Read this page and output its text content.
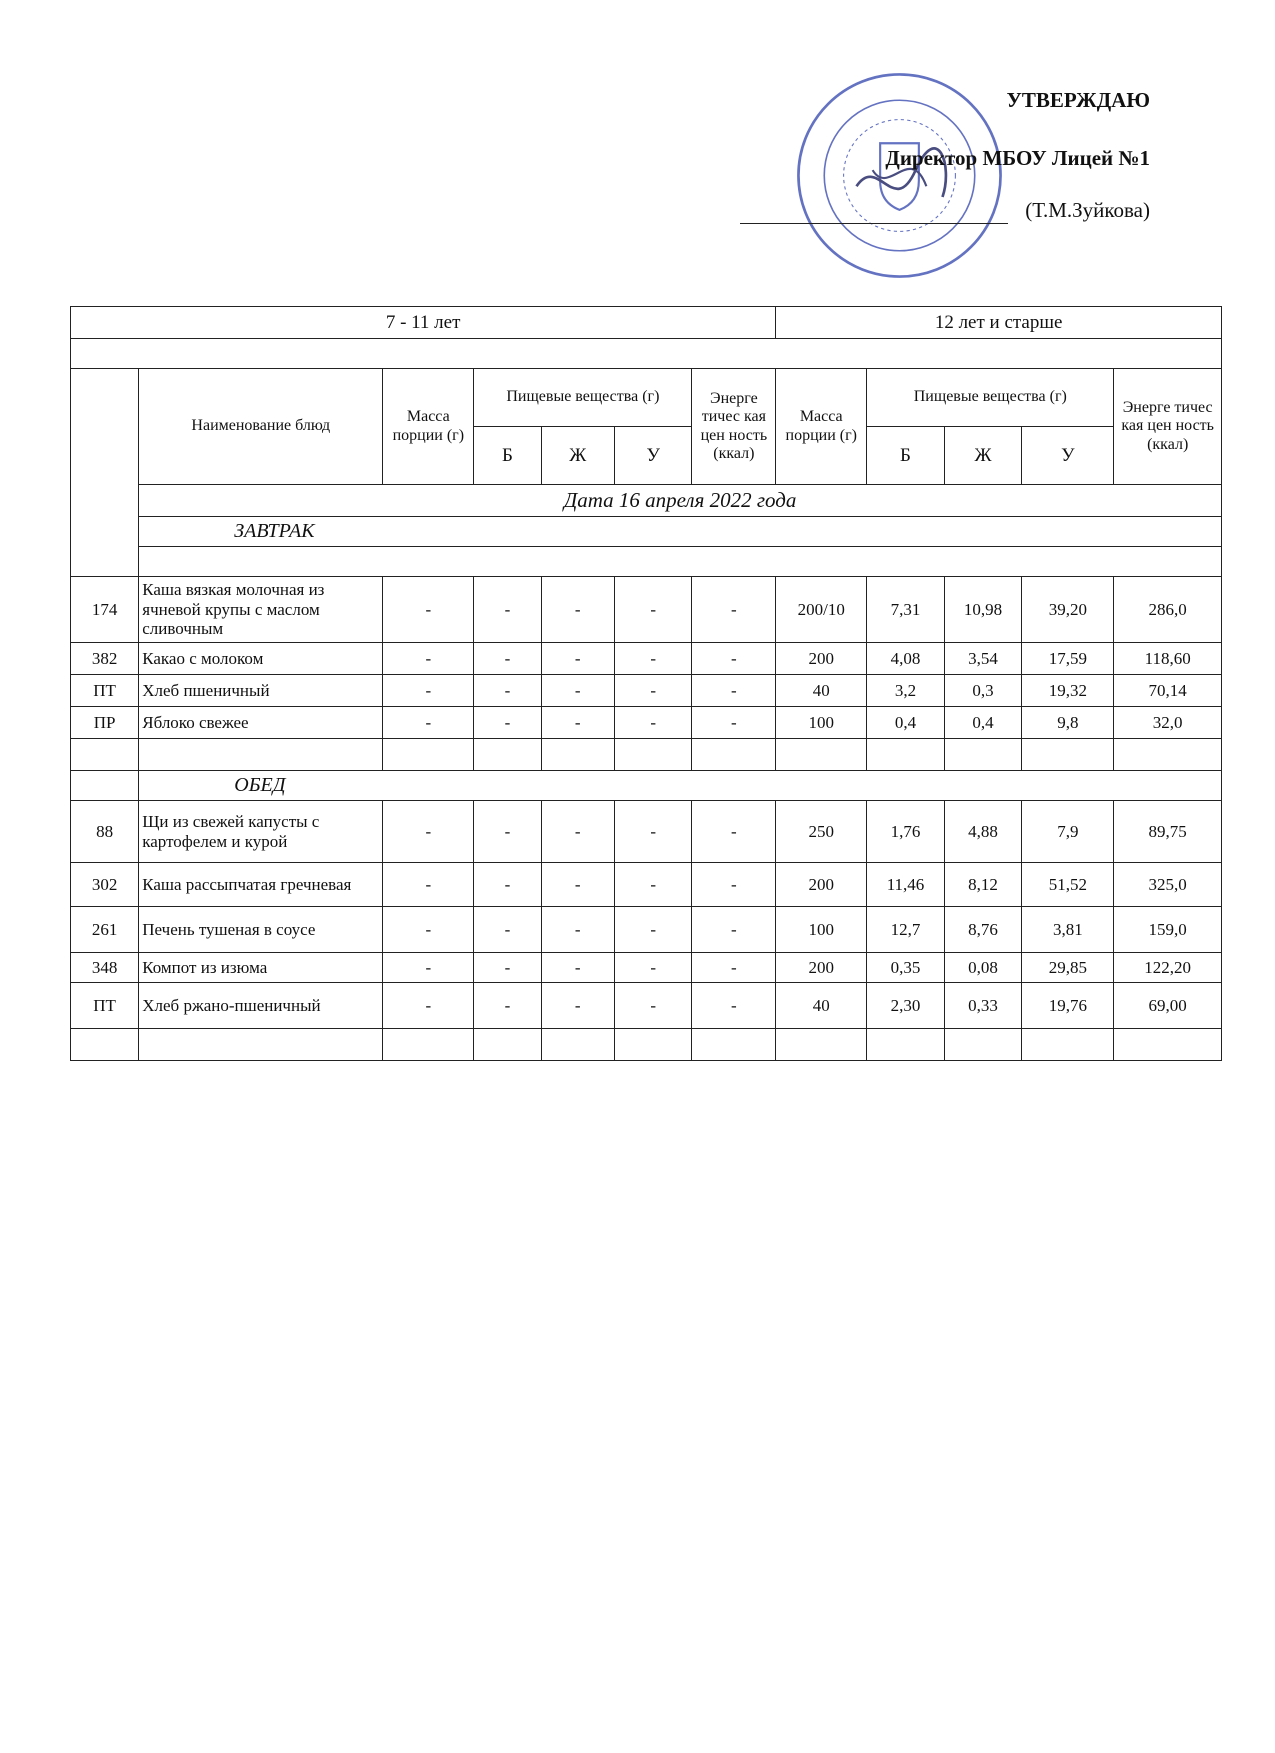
УТВЕРЖДАЮ
Директор МБОУ Лицей №1
(Т.М.Зуйкова)
7 - 11 лет							12 лет и старше				

	Наименование блюд	Масса порции (г)	Пищевые вещества (г)			Энерге тичес кая цен ность (ккал)	Масса порции (г)	Пищевые вещества (г)			Энерге тичес кая цен ность (ккал)
			Б	Ж	У			Б	Ж	У	
	Дата 16 апреля 2022 года										
	ЗАВТРАК										

174	Каша вязкая молочная из ячневой крупы с маслом сливочным	-	-	-	-	-	200/10	7,31	10,98	39,20	286,0
382	Какао с молоком	-	-	-	-	-	200	4,08	3,54	17,59	118,60
ПТ	Хлеб пшеничный	-	-	-	-	-	40	3,2	0,3	19,32	70,14
ПР	Яблоко свежее	-	-	-	-	-	100	0,4	0,4	9,8	32,0

	ОБЕД										
88	Щи из свежей капусты с картофелем и курой	-	-	-	-	-	250	1,76	4,88	7,9	89,75
302	Каша рассыпчатая гречневая	-	-	-	-	-	200	11,46	8,12	51,52	325,0
261	Печень тушеная в соусе	-	-	-	-	-	100	12,7	8,76	3,81	159,0
348	Компот из изюма	-	-	-	-	-	200	0,35	0,08	29,85	122,20
ПТ	Хлеб ржано-пшеничный	-	-	-	-	-	40	2,30	0,33	19,76	69,00
